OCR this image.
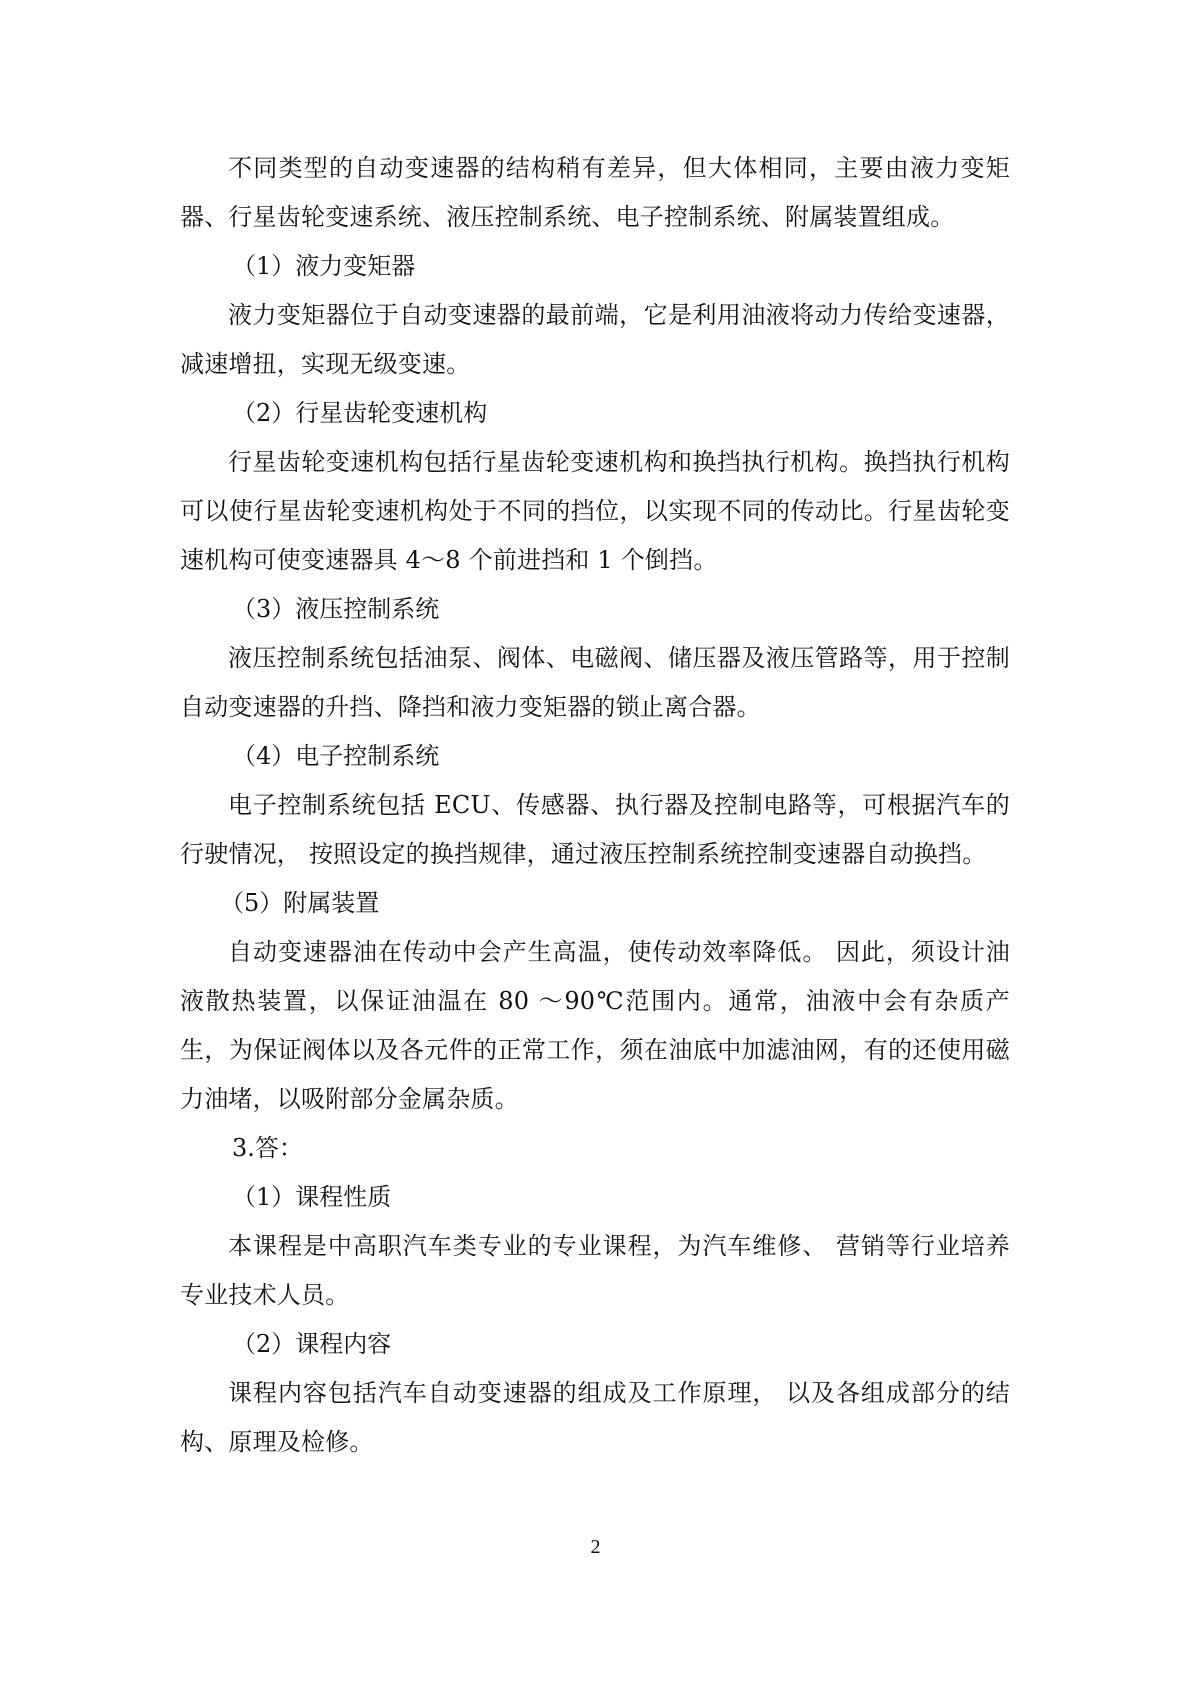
不同类型的自动变速器的结构稍有差异，但大体相同，主要由液力变矩器、行星齿轮变速系统、液压控制系统、电子控制系统、附属装置组成。

（1）液力变矩器

液力变矩器位于自动变速器的最前端，它是利用油液将动力传给变速器，减速增扭，实现无级变速。

（2）行星齿轮变速机构

行星齿轮变速机构包括行星齿轮变速机构和换挡执行机构。换挡执行机构可以使行星齿轮变速机构处于不同的挡位，以实现不同的传动比。行星齿轮变速机构可使变速器具 4～8 个前进挡和 1 个倒挡。

（3）液压控制系统

液压控制系统包括油泵、阀体、电磁阀、储压器及液压管路等，用于控制自动变速器的升挡、降挡和液力变矩器的锁止离合器。

（4）电子控制系统

电子控制系统包括 ECU、传感器、执行器及控制电路等，可根据汽车的行驶情况， 按照设定的换挡规律，通过液压控制系统控制变速器自动换挡。

（5）附属装置

自动变速器油在传动中会产生高温，使传动效率降低。 因此，须设计油液散热装置，以保证油温在 80 ～90℃范围内。通常，油液中会有杂质产生，为保证阀体以及各元件的正常工作，须在油底中加滤油网，有的还使用磁力油堵，以吸附部分金属杂质。

3.答：

（1）课程性质

本课程是中高职汽车类专业的专业课程，为汽车维修、 营销等行业培养专业技术人员。

（2）课程内容

课程内容包括汽车自动变速器的组成及工作原理， 以及各组成部分的结构、原理及检修。

2
